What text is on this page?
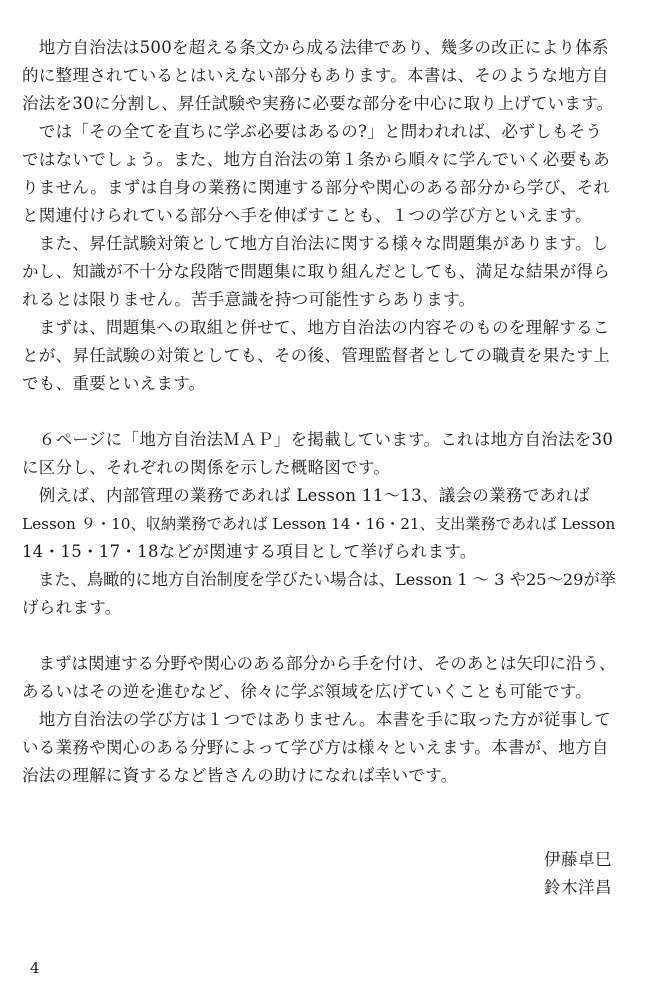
　地方自治法は500を超える条文から成る法律であり、幾多の改正により体系
的に整理されているとはいえない部分もあります。本書は、そのような地方自
治法を30に分割し、昇任試験や実務に必要な部分を中心に取り上げています。
　では「その全てを直ちに学ぶ必要はあるの?」と問われれば、必ずしもそう
ではないでしょう。また、地方自治法の第１条から順々に学んでいく必要もあ
りません。まずは自身の業務に関連する部分や関心のある部分から学び、それ
と関連付けられている部分へ手を伸ばすことも、１つの学び方といえます。
　また、昇任試験対策として地方自治法に関する様々な問題集があります。し
かし、知識が不十分な段階で問題集に取り組んだとしても、満足な結果が得ら
れるとは限りません。苦手意識を持つ可能性すらあります。
　まずは、問題集への取組と併せて、地方自治法の内容そのものを理解するこ
とが、昇任試験の対策としても、その後、管理監督者としての職責を果たす上
でも、重要といえます。
　６ページに「地方自治法ＭＡＰ」を掲載しています。これは地方自治法を30
に区分し、それぞれの関係を示した概略図です。
　例えば、内部管理の業務であれば Lesson 11〜13、議会の業務であれば
Lesson ９・10、収納業務であれば Lesson 14・16・21、支出業務であれば Lesson
14・15・17・18などが関連する項目として挙げられます。
　また、鳥瞰的に地方自治制度を学びたい場合は、Lesson 1 〜 3 や25〜29が挙
げられます。
　まずは関連する分野や関心のある部分から手を付け、そのあとは矢印に沿う、
あるいはその逆を進むなど、徐々に学ぶ領域を広げていくことも可能です。
　地方自治法の学び方は１つではありません。本書を手に取った方が従事して
いる業務や関心のある分野によって学び方は様々といえます。本書が、地方自
治法の理解に資するなど皆さんの助けになれば幸いです。
伊藤卓巳
鈴木洋昌
4
